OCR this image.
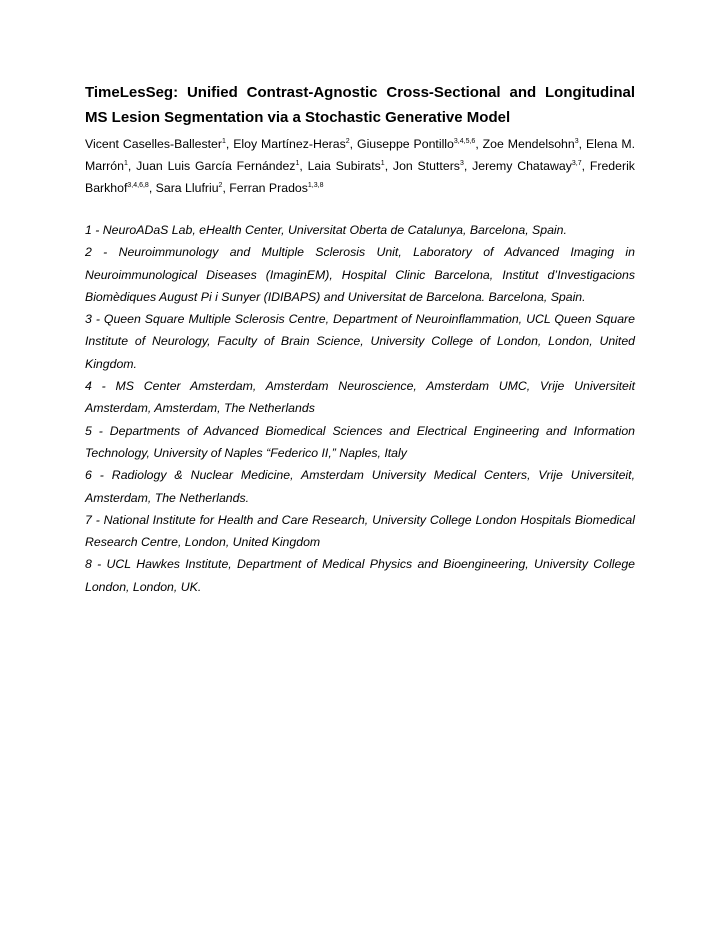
TimeLesSeg: Unified Contrast-Agnostic Cross-Sectional and Longitudinal MS Lesion Segmentation via a Stochastic Generative Model

Vicent Caselles-Ballester$^1$, Eloy Martínez-Heras$^2$, Giuseppe Pontillo$^{3,4,5,6}$, Zoe Mendelsohn$^3$, Elena M. Marrón$^1$, Juan Luis García Fernández$^1$, Laia Subirats$^1$, Jon Stutters$^3$, Jeremy Chataway$^{3,7}$, Frederik Barkhof$^{3,4,6,8}$, Sara Llufriu$^2$, Ferran Prados$^{1,3,8}$

1 - NeuroADaS Lab, eHealth Center, Universitat Oberta de Catalunya, Barcelona, Spain.

2 - Neuroimmunology and Multiple Sclerosis Unit, Laboratory of Advanced Imaging in Neuroimmunological Diseases (ImaginEM), Hospital Clinic Barcelona, Institut d’Investigacions Biomèdiques August Pi i Sunyer (IDIBAPS) and Universitat de Barcelona. Barcelona, Spain.

3 - Queen Square Multiple Sclerosis Centre, Department of Neuroinflammation, UCL Queen Square Institute of Neurology, Faculty of Brain Science, University College of London, London, United Kingdom.

4 - MS Center Amsterdam, Amsterdam Neuroscience, Amsterdam UMC, Vrije Universiteit Amsterdam, Amsterdam, The Netherlands

5 - Departments of Advanced Biomedical Sciences and Electrical Engineering and Information Technology, University of Naples “Federico II,” Naples, Italy

6 - Radiology & Nuclear Medicine, Amsterdam University Medical Centers, Vrije Universiteit, Amsterdam, The Netherlands.

7 - National Institute for Health and Care Research, University College London Hospitals Biomedical Research Centre, London, United Kingdom

8 - UCL Hawkes Institute, Department of Medical Physics and Bioengineering, University College London, London, UK.
